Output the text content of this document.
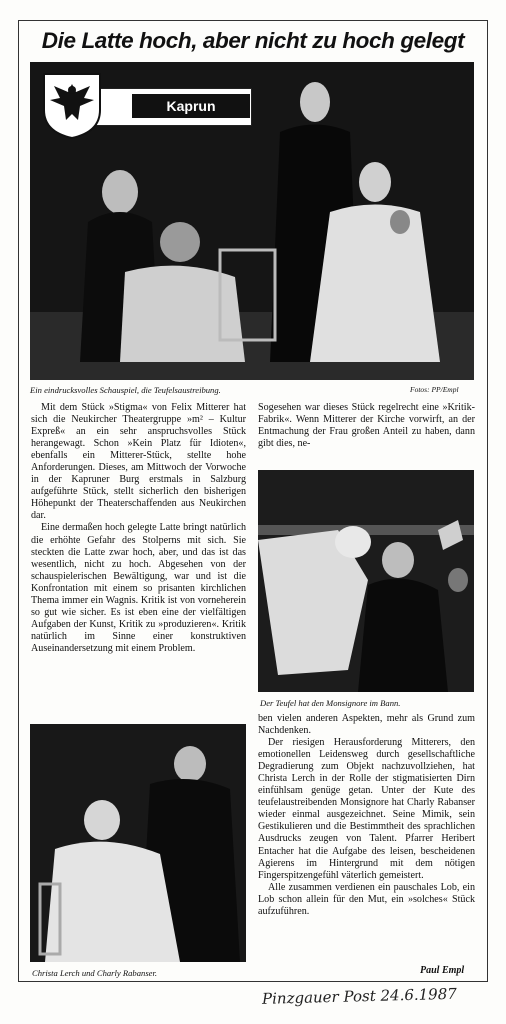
Die Latte hoch, aber nicht zu hoch gelegt
Kaprun
Ein eindrucksvolles Schauspiel, die Teufelsaustreibung.	Fotos: PP/Empl

Mit dem Stück »Stigma« von Felix Mitterer hat sich die Neukircher Theatergruppe »m² – Kultur Expreß« an ein sehr anspruchsvolles Stück herangewagt. Schon »Kein Platz für Idioten«, ebenfalls ein Mitterer-Stück, stellte hohe Anforderungen. Dieses, am Mittwoch der Vorwoche in der Kapruner Burg erstmals in Salzburg aufgeführte Stück, stellt sicherlich den bisherigen Höhepunkt der Theaterschaffenden aus Neukirchen dar.

Eine dermaßen hoch gelegte Latte bringt natürlich die erhöhte Gefahr des Stolperns mit sich. Sie steckten die Latte zwar hoch, aber, und das ist das wesentlich, nicht zu hoch. Abgesehen von der schauspielerischen Bewältigung, war und ist die Konfrontation mit einem so prisanten kirchlichen Thema immer ein Wagnis. Kritik ist von vorneherein so gut wie sicher. Es ist eben eine der vielfältigen Aufgaben der Kunst, Kritik zu »produzieren«. Kritik natürlich im Sinne einer konstruktiven Auseinandersetzung mit einem Problem.

Sogesehen war dieses Stück regelrecht eine »Kritik-Fabrik«. Wenn Mitterer der Kirche vorwirft, an der Entmachung der Frau großen Anteil zu haben, dann gibt dies, ne-

Der Teufel hat den Monsignore im Bann.
Christa Lerch und Charly Rabanser.

ben vielen anderen Aspekten, mehr als Grund zum Nachdenken.

Der riesigen Herausforderung Mitterers, den emotionellen Leidensweg durch gesellschaftliche Degradierung zum Objekt nachzuvollziehen, hat Christa Lerch in der Rolle der stigmatisierten Dirn einfühlsam genüge getan. Unter der Kute des teufelaustreibenden Monsignore hat Charly Rabanser wieder einmal ausgezeichnet. Seine Mimik, sein Gestikulieren und die Bestimmtheit des sprachlichen Ausdrucks zeugen von Talent. Pfarrer Heribert Entacher hat die Aufgabe des leisen, bescheidenen Agierens im Hintergrund mit dem nötigen Fingerspitzengefühl väterlich gemeistert.

Alle zusammen verdienen ein pauschales Lob, ein Lob schon allein für den Mut, ein »solches« Stück aufzuführen.

Paul Empl
Pinzgauer Post 24.6.1987
